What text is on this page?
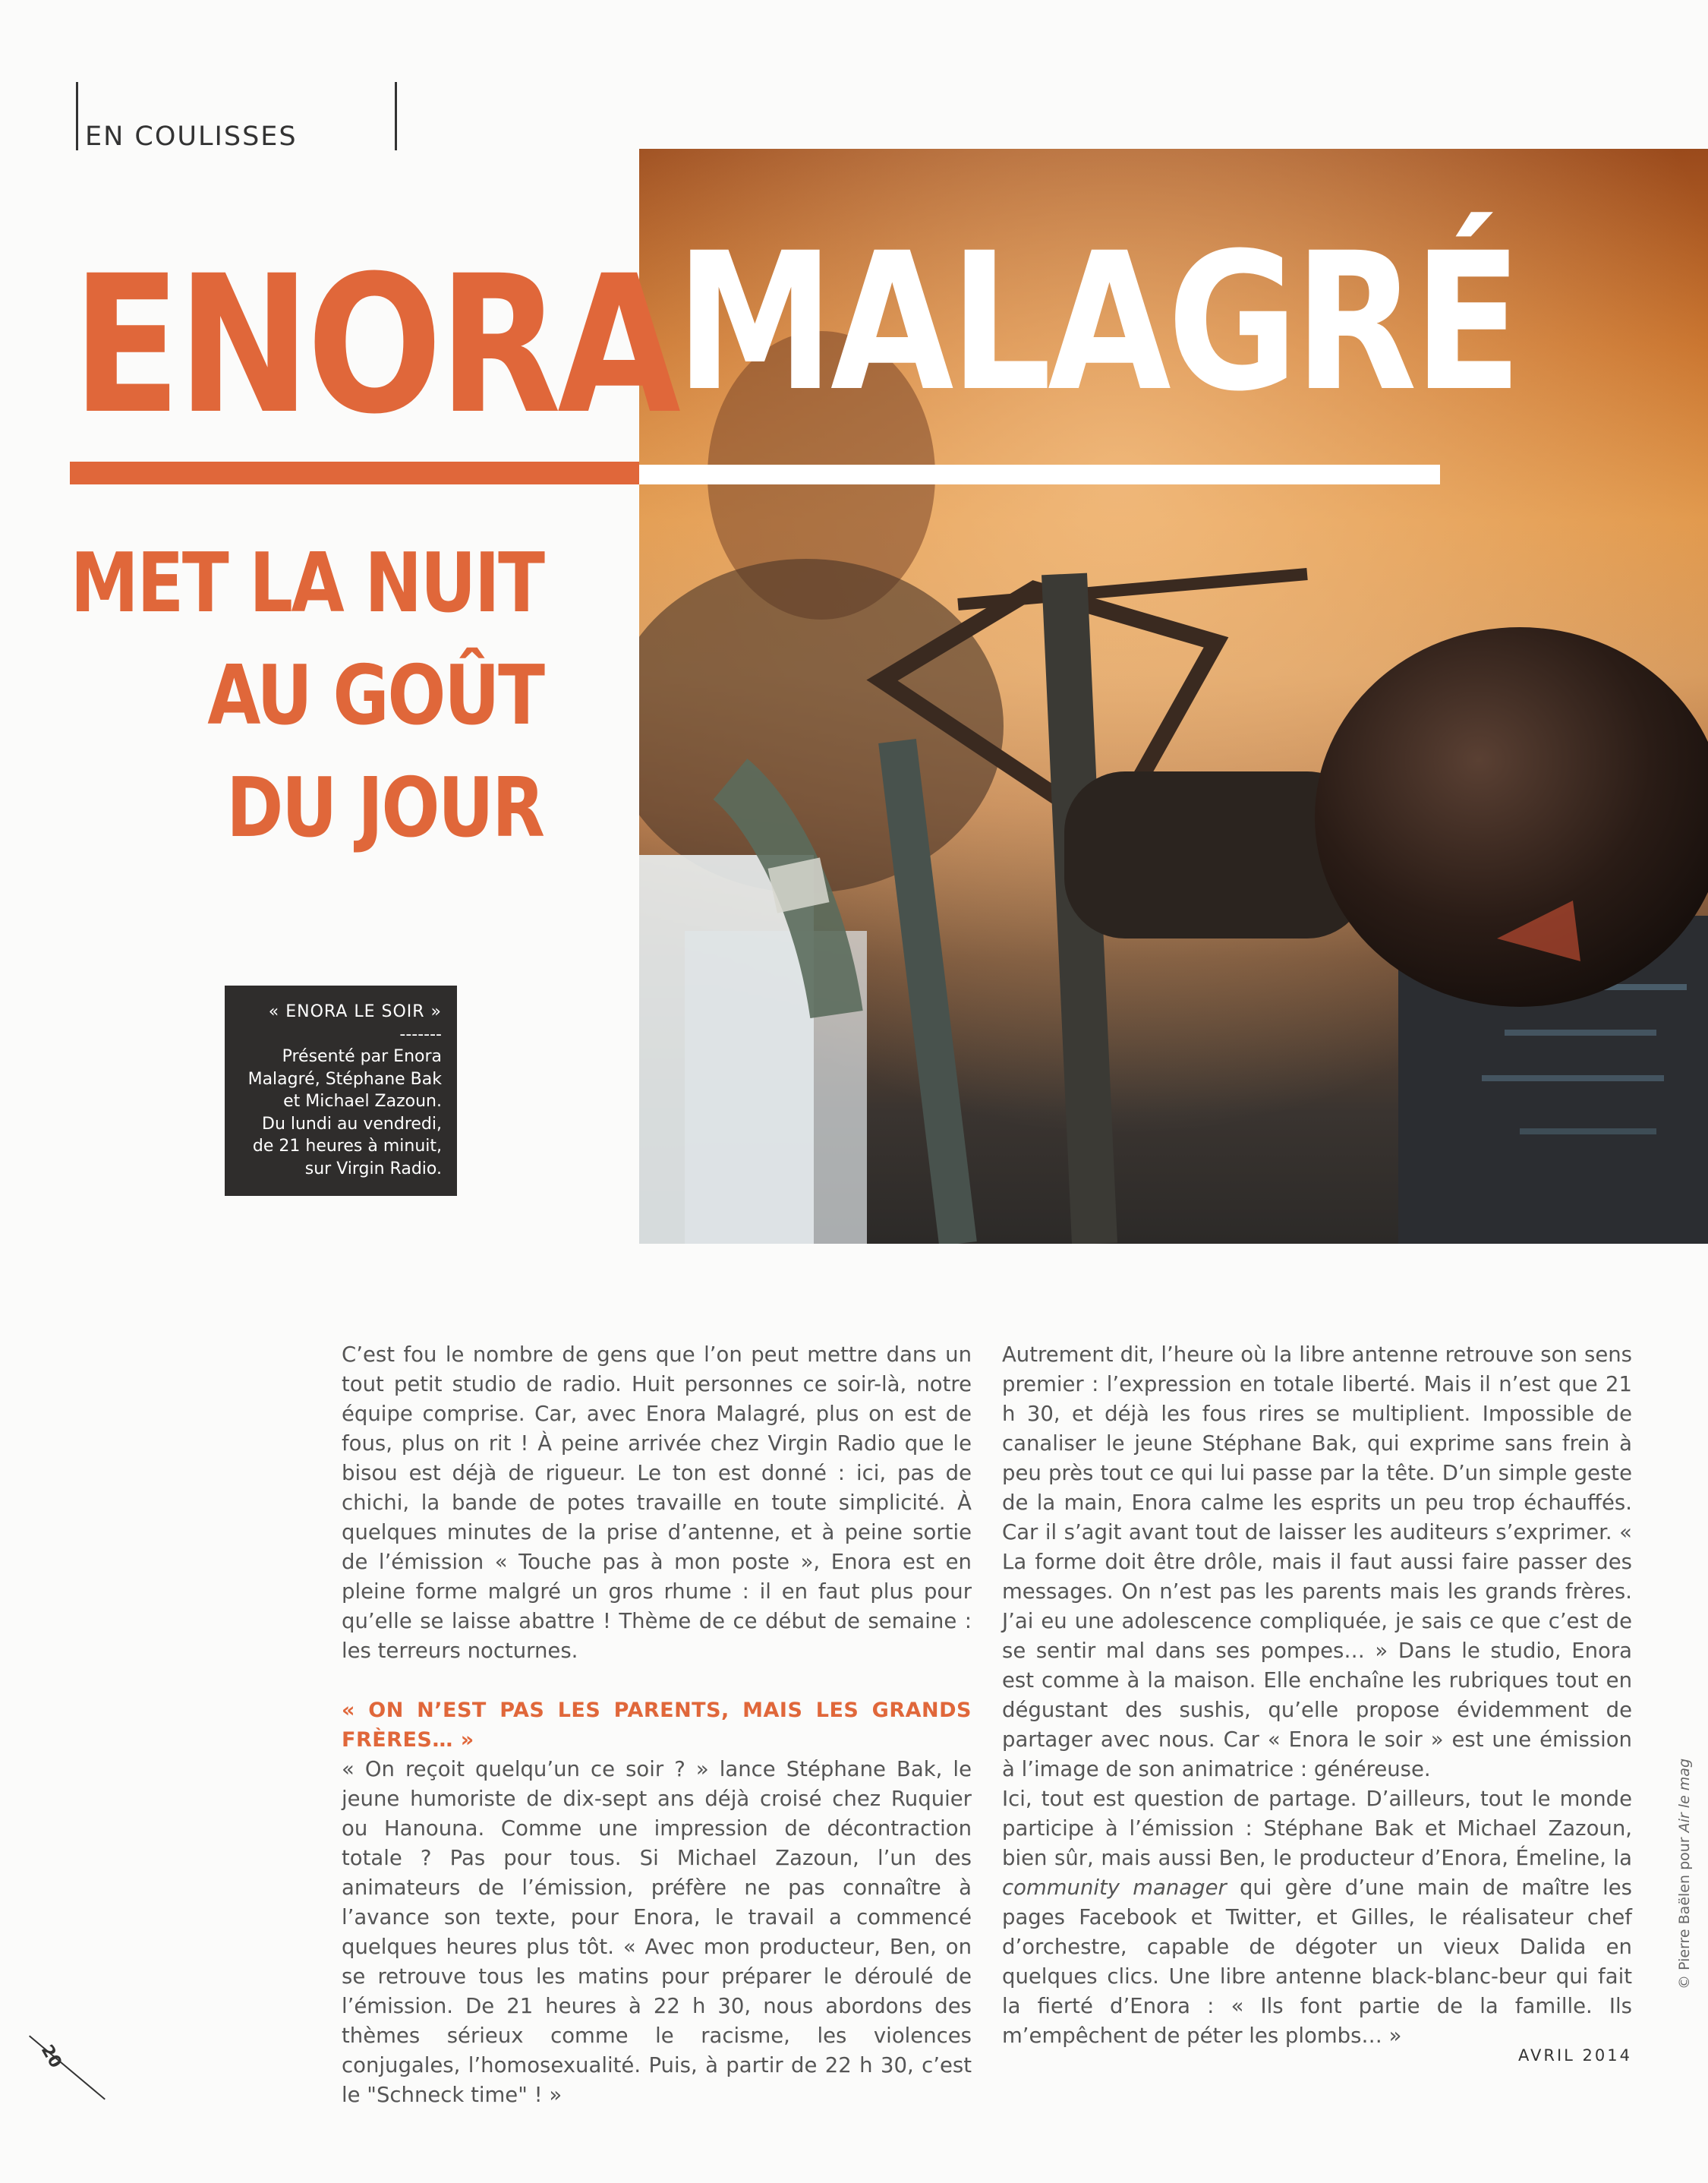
EN COULISSES
ENORA
MALAGRÉ
MET LA NUIT
AU GOÛT
DU JOUR
« ENORA LE SOIR »
-------
Présenté par Enora
Malagré, Stéphane Bak
et Michael Zazoun.
Du lundi au vendredi,
de 21 heures à minuit,
sur Virgin Radio.

C’est fou le nombre de gens que l’on peut mettre dans un tout petit studio de radio. Huit personnes ce soir-là, notre équipe comprise. Car, avec Enora Malagré, plus on est de fous, plus on rit ! À peine arrivée chez Virgin Radio que le bisou est déjà de rigueur. Le ton est donné : ici, pas de chichi, la bande de potes travaille en toute simplicité. À quelques minutes de la prise d’antenne, et à peine sortie de l’émission « Touche pas à mon poste », Enora est en pleine forme malgré un gros rhume : il en faut plus pour qu’elle se laisse abattre ! Thème de ce début de semaine : les terreurs nocturnes.

« ON N’EST PAS LES PARENTS, MAIS LES GRANDS FRÈRES… »

« On reçoit quelqu’un ce soir ? » lance Stéphane Bak, le jeune humoriste de dix-sept ans déjà croisé chez Ruquier ou Hanouna. Comme une impression de décontraction totale ? Pas pour tous. Si Michael Zazoun, l’un des animateurs de l’émission, préfère ne pas connaître à l’avance son texte, pour Enora, le travail a commencé quelques heures plus tôt. « Avec mon producteur, Ben, on se retrouve tous les matins pour préparer le déroulé de l’émission. De 21 heures à 22 h 30, nous abordons des thèmes sérieux comme le racisme, les violences conjugales, l’homosexualité. Puis, à partir de 22 h 30, c’est le "Schneck time" ! »

Autrement dit, l’heure où la libre antenne retrouve son sens premier : l’expression en totale liberté. Mais il n’est que 21 h 30, et déjà les fous rires se multiplient. Impossible de canaliser le jeune Stéphane Bak, qui exprime sans frein à peu près tout ce qui lui passe par la tête. D’un simple geste de la main, Enora calme les esprits un peu trop échauffés. Car il s’agit avant tout de laisser les auditeurs s’exprimer. « La forme doit être drôle, mais il faut aussi faire passer des messages. On n’est pas les parents mais les grands frères. J’ai eu une adolescence compliquée, je sais ce que c’est de se sentir mal dans ses pompes… » Dans le studio, Enora est comme à la maison. Elle enchaîne les rubriques tout en dégustant des sushis, qu’elle propose évidemment de partager avec nous. Car « Enora le soir » est une émission à l’image de son animatrice : généreuse.

Ici, tout est question de partage. D’ailleurs, tout le monde participe à l’émission : Stéphane Bak et Michael Zazoun, bien sûr, mais aussi Ben, le producteur d’Enora, Émeline, la community manager qui gère d’une main de maître les pages Facebook et Twitter, et Gilles, le réalisateur chef d’orchestre, capable de dégoter un vieux Dalida en quelques clics. Une libre antenne black-blanc-beur qui fait la fierté d’Enora : « Ils font partie de la famille. Ils m’empêchent de péter les plombs… »

© Pierre Baëlen pour Air le mag
20	AVRIL 2014
